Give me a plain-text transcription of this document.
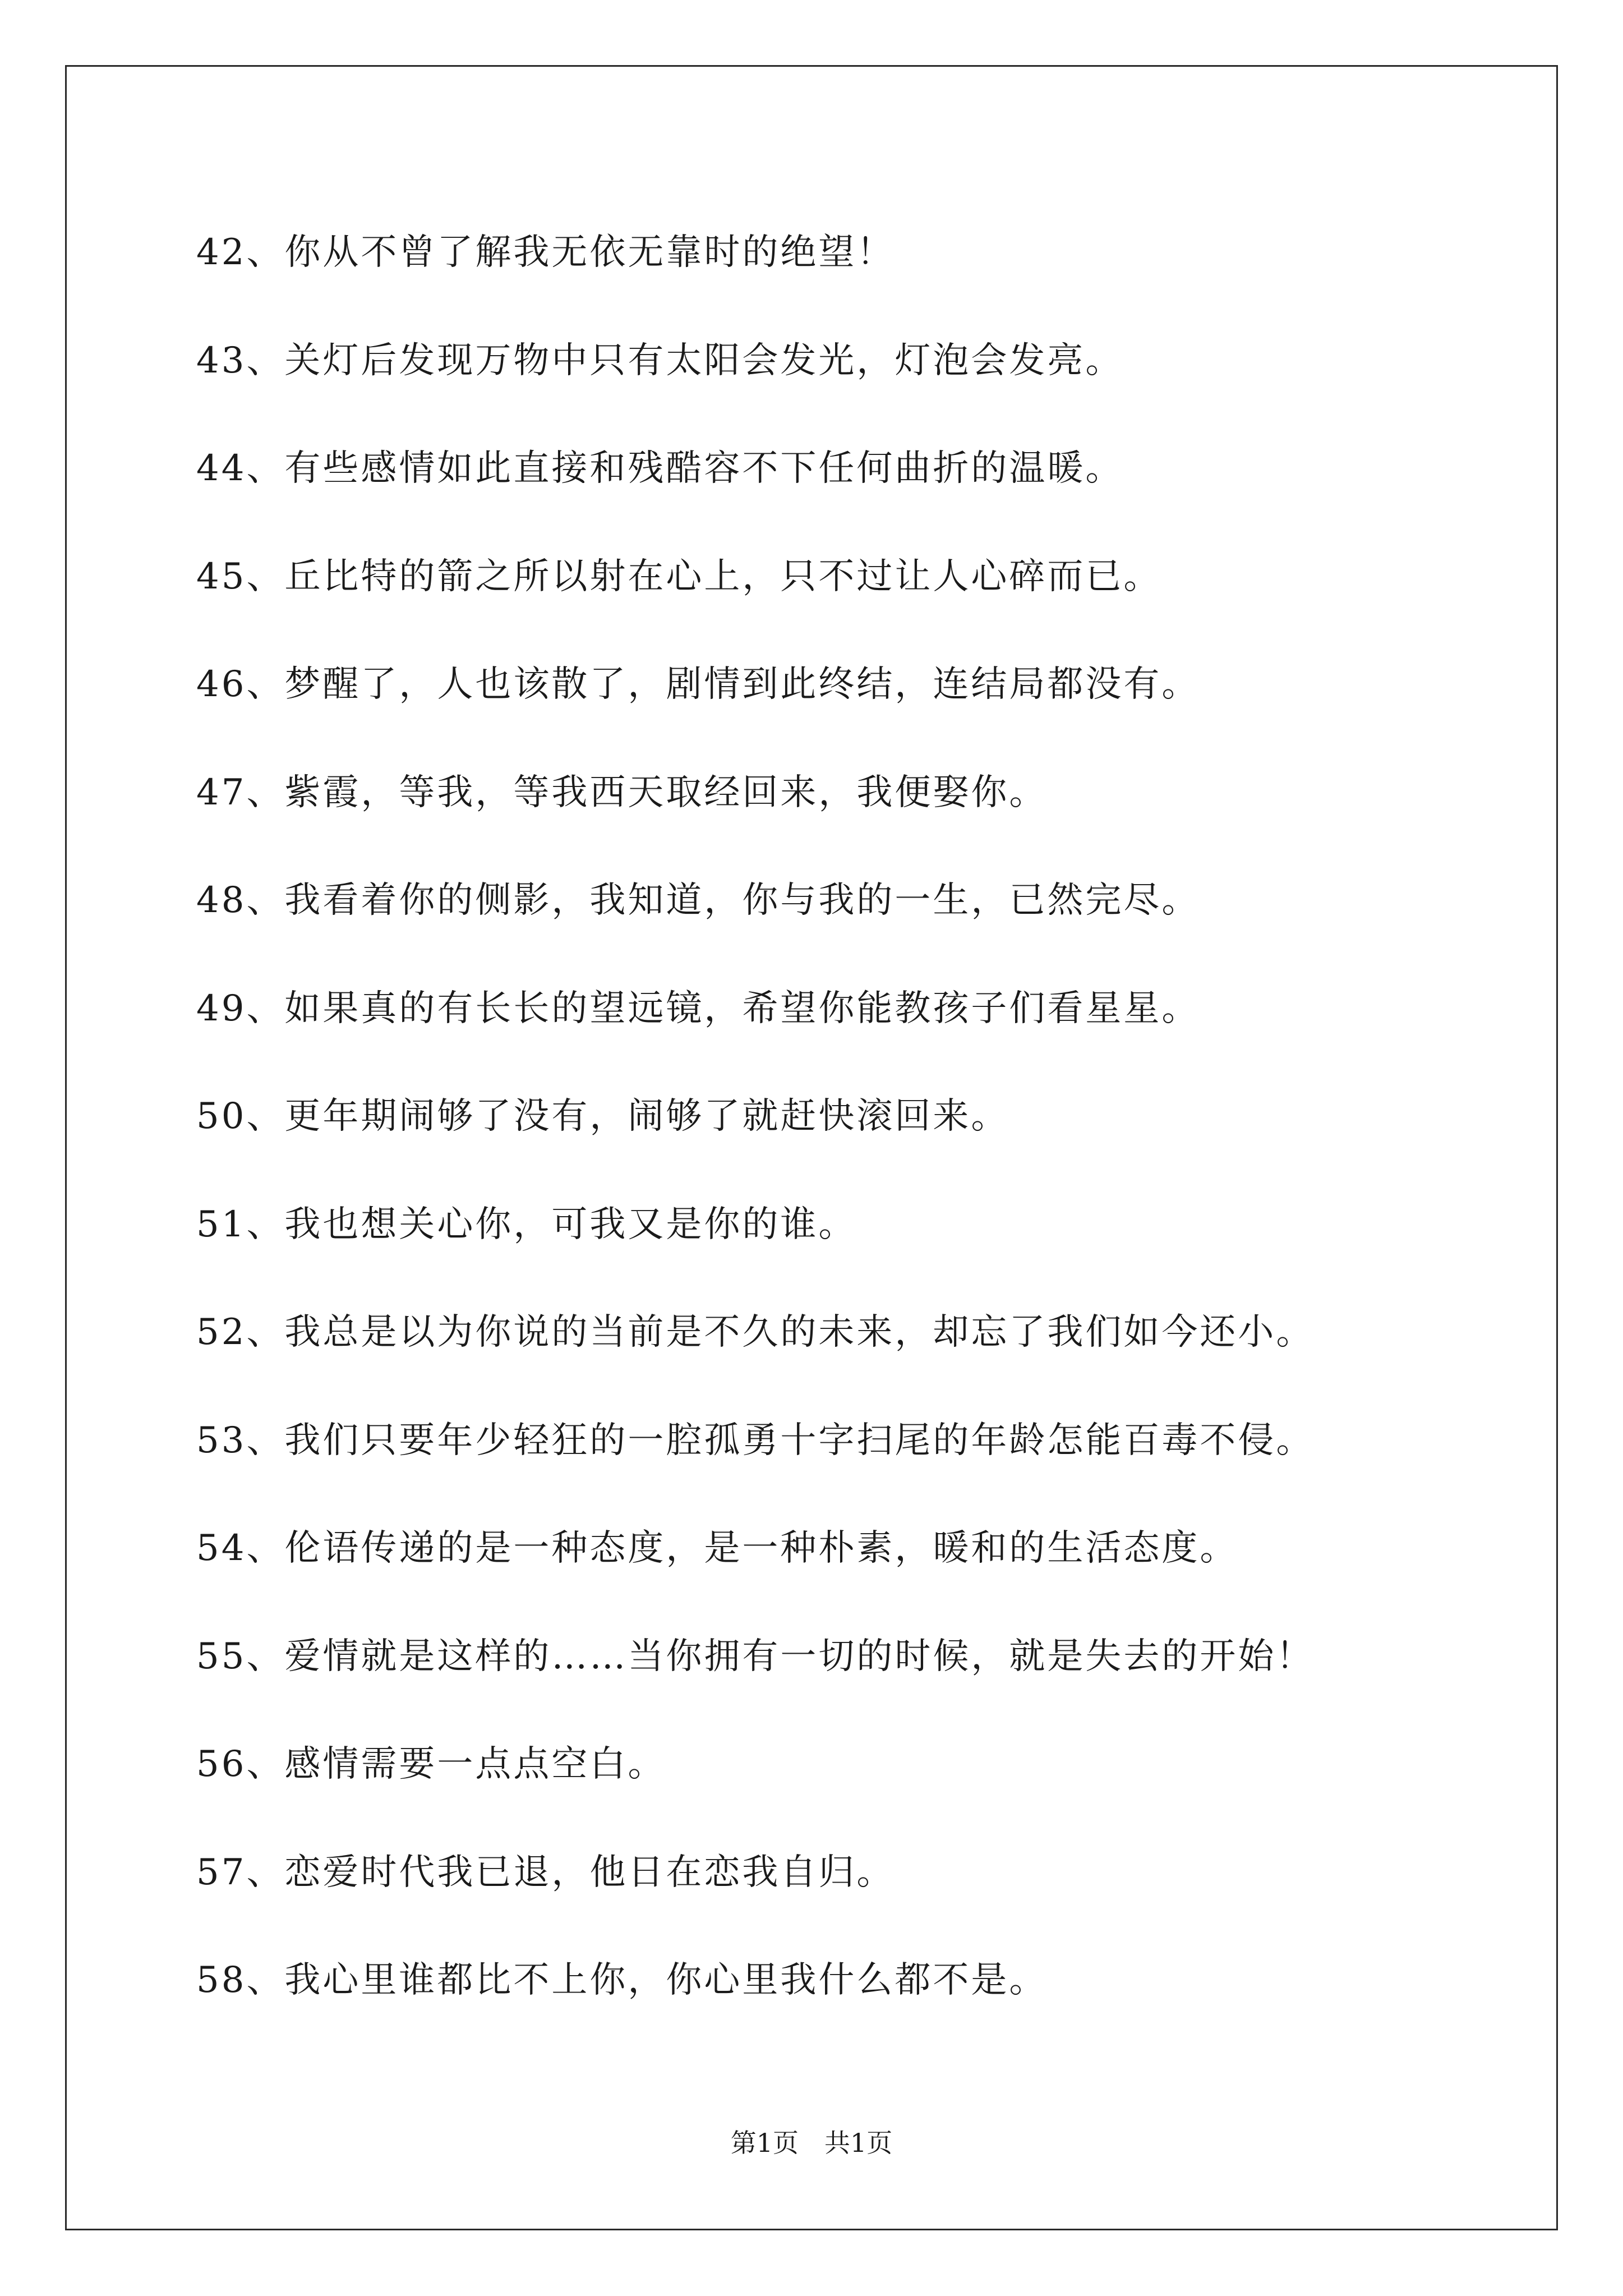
42、你从不曾了解我无依无靠时的绝望！
43、关灯后发现万物中只有太阳会发光，灯泡会发亮。
44、有些感情如此直接和残酷容不下任何曲折的温暖。
45、丘比特的箭之所以射在心上，只不过让人心碎而已。
46、梦醒了，人也该散了，剧情到此终结，连结局都没有。
47、紫霞，等我，等我西天取经回来，我便娶你。
48、我看着你的侧影，我知道，你与我的一生，已然完尽。
49、如果真的有长长的望远镜，希望你能教孩子们看星星。
50、更年期闹够了没有，闹够了就赶快滚回来。
51、我也想关心你，可我又是你的谁。
52、我总是以为你说的当前是不久的未来，却忘了我们如今还小。
53、我们只要年少轻狂的一腔孤勇十字扫尾的年龄怎能百毒不侵。
54、伦语传递的是一种态度，是一种朴素，暖和的生活态度。
55、爱情就是这样的……当你拥有一切的时候，就是失去的开始！
56、感情需要一点点空白。
57、恋爱时代我已退，他日在恋我自归。
58、我心里谁都比不上你，你心里我什么都不是。
第1页　共1页
